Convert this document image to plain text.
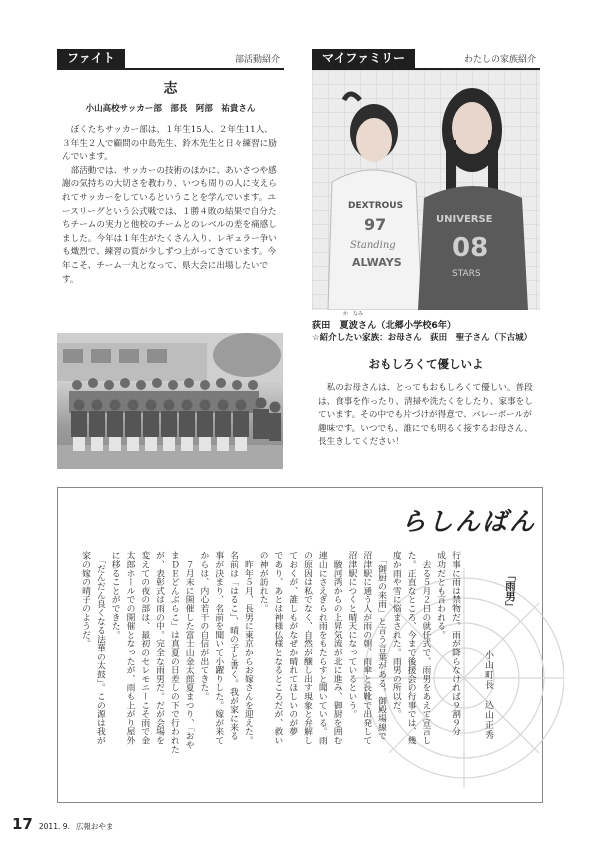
ファイト	部活動紹介	マイファミリー	わたしの家族紹介
志
小山高校サッカー部　部長　阿部　祐貴さん

　ぼくたちサッカー部は、１年生15人、２年生11人、３年生２人で顧問の中島先生、鈴木先生と日々練習に励んでいます。

　部活動では、サッカーの技術のほかに、あいさつや感謝の気持ちの大切さを教わり、いつも周りの人に支えられてサッカーをしているということを学んでいます。ユースリーグという公式戦では、１勝４敗の結果で自分たちチームの実力と他校のチームとのレベルの差を痛感しました。今年は１年生がたくさん入り、レギュラー争いも熾烈で、練習の質が少しずつ上がってきています。今年こそ、チーム一丸となって、県大会に出場したいです。

DEXTROUS
97
Standing
ALWAYS
UNIVERSE
08
STARS
か　なみ
荻田　夏波さん（北郷小学校6年）
☆紹介したい家族：お母さん　荻田　聖子さん（下古城）
おもしろくて優しいよ
　私のお母さんは、とってもおもしろくて優しい。普段は、食事を作ったり、清掃や洗たくをしたり、家事をしています。その中でも片づけが得意で、バレーボールが趣味です。いつでも、誰にでも明るく接するお母さん、長生きしてください！
らしんばん
「雨男」
小山町長　込山正秀
行事に雨は禁物だ。雨が降らなければ９割９分
成功だとも言われる。
　去る５月２日の就任式で、雨男をあえて宣言し
た。正直なところ、今まで後援会の行事では、幾
度か雨や雪に悩まされた。雨男の所以だ。
　「御厨の来雨」と言う言葉がある。御殿場線で
沼津駅に通う人が雨の朝、雨傘と長靴で出発して
沼津駅につくと晴天になっているという。
　駿河湾からの上昇気流が北に進み、御厨を囲む
連山にさえぎられ雨をもたらすと聞いている。雨
の原因は私でなく、自然が醸し出す現象と弁解し
ておくが、誰しもがなぜか晴れてほしいのが夢
であり、あとは神様仏様となるところだが、救い
の神が訪れた。
　昨年５月、長男に東京からお嫁さんを迎えた。
名前は「はるこ」、晴の子と書く。我が家に来る
事が決まり、名前を聞いて小躍りした。嫁が来て
からは、内心若干の自信が出てきた。
　７月末に開催した富士山金太郎夏まつり、「おや
まＤＥどんぶらこ」は真夏の日差しの下で行われた
が、表彰式は雨の中。完全な雨男だ。だが会場を
変えての夜の部は、最初のセレモニーこそ雨で金
太郎ホールでの開催となったが、雨も上がり屋外
に移ることができた。
　「だんだん良くなる法華の太鼓」。この源は我が
家の嫁の晴子のようだ。
17 2011. 9. 広報おやま
